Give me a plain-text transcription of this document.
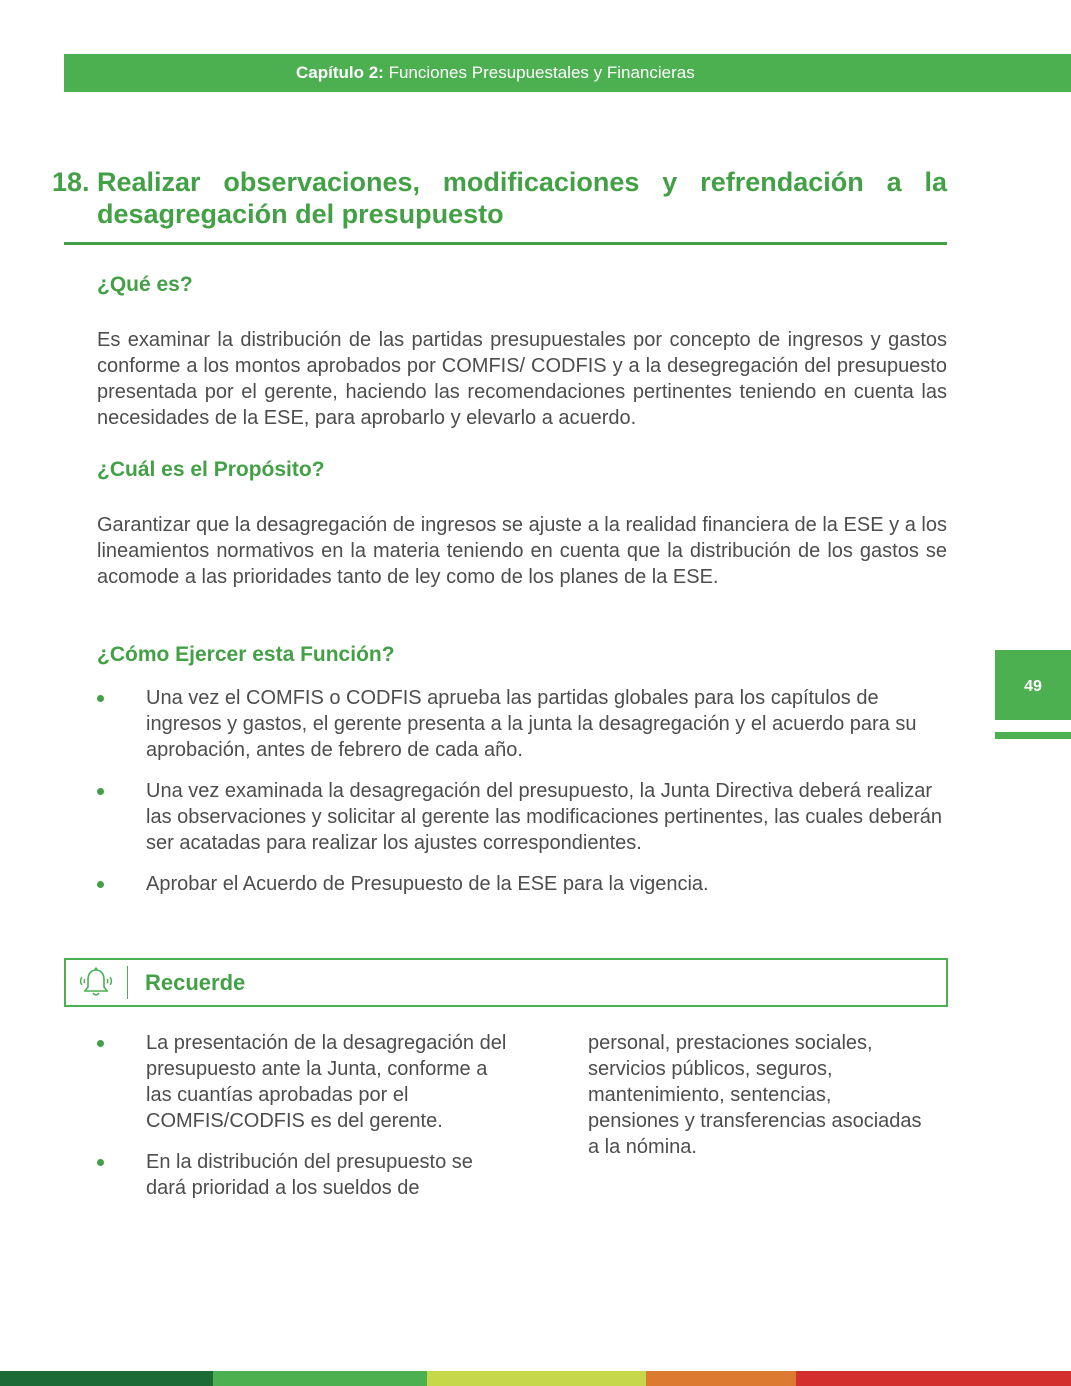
Capítulo 2: Funciones Presupuestales y Financieras
18. Realizar observaciones, modificaciones y refrendación a la desagregación del presupuesto
¿Qué es?
Es examinar la distribución de las partidas presupuestales por concepto de ingresos y gastos conforme a los montos aprobados por COMFIS/ CODFIS y a la desegregación del presupuesto presentada por el gerente, haciendo las recomendaciones pertinentes teniendo en cuenta las necesidades de la ESE, para aprobarlo y elevarlo a acuerdo.
¿Cuál es el Propósito?
Garantizar que la desagregación de ingresos se ajuste a la realidad financiera de la ESE y a los lineamientos normativos en la materia teniendo en cuenta que la distribución de los gastos se acomode a las prioridades tanto de ley como de los planes de la ESE.
¿Cómo Ejercer esta Función?
Una vez el COMFIS o CODFIS aprueba las partidas globales para los capítulos de ingresos y gastos, el gerente presenta a la junta la desagregación y el acuerdo para su aprobación, antes de febrero de cada año.
Una vez examinada la desagregación del presupuesto, la Junta Directiva deberá realizar las observaciones y solicitar al gerente las modificaciones pertinentes, las cuales deberán ser acatadas para realizar los ajustes correspondientes.
Aprobar el Acuerdo de Presupuesto de la ESE para la vigencia.
49
Recuerde
La presentación de la desagregación del presupuesto ante la Junta, conforme a las cuantías aprobadas por el COMFIS/CODFIS es del gerente.
En la distribución del presupuesto se dará prioridad a los sueldos de
personal, prestaciones sociales, servicios públicos, seguros, mantenimiento, sentencias, pensiones y transferencias asociadas a la nómina.
